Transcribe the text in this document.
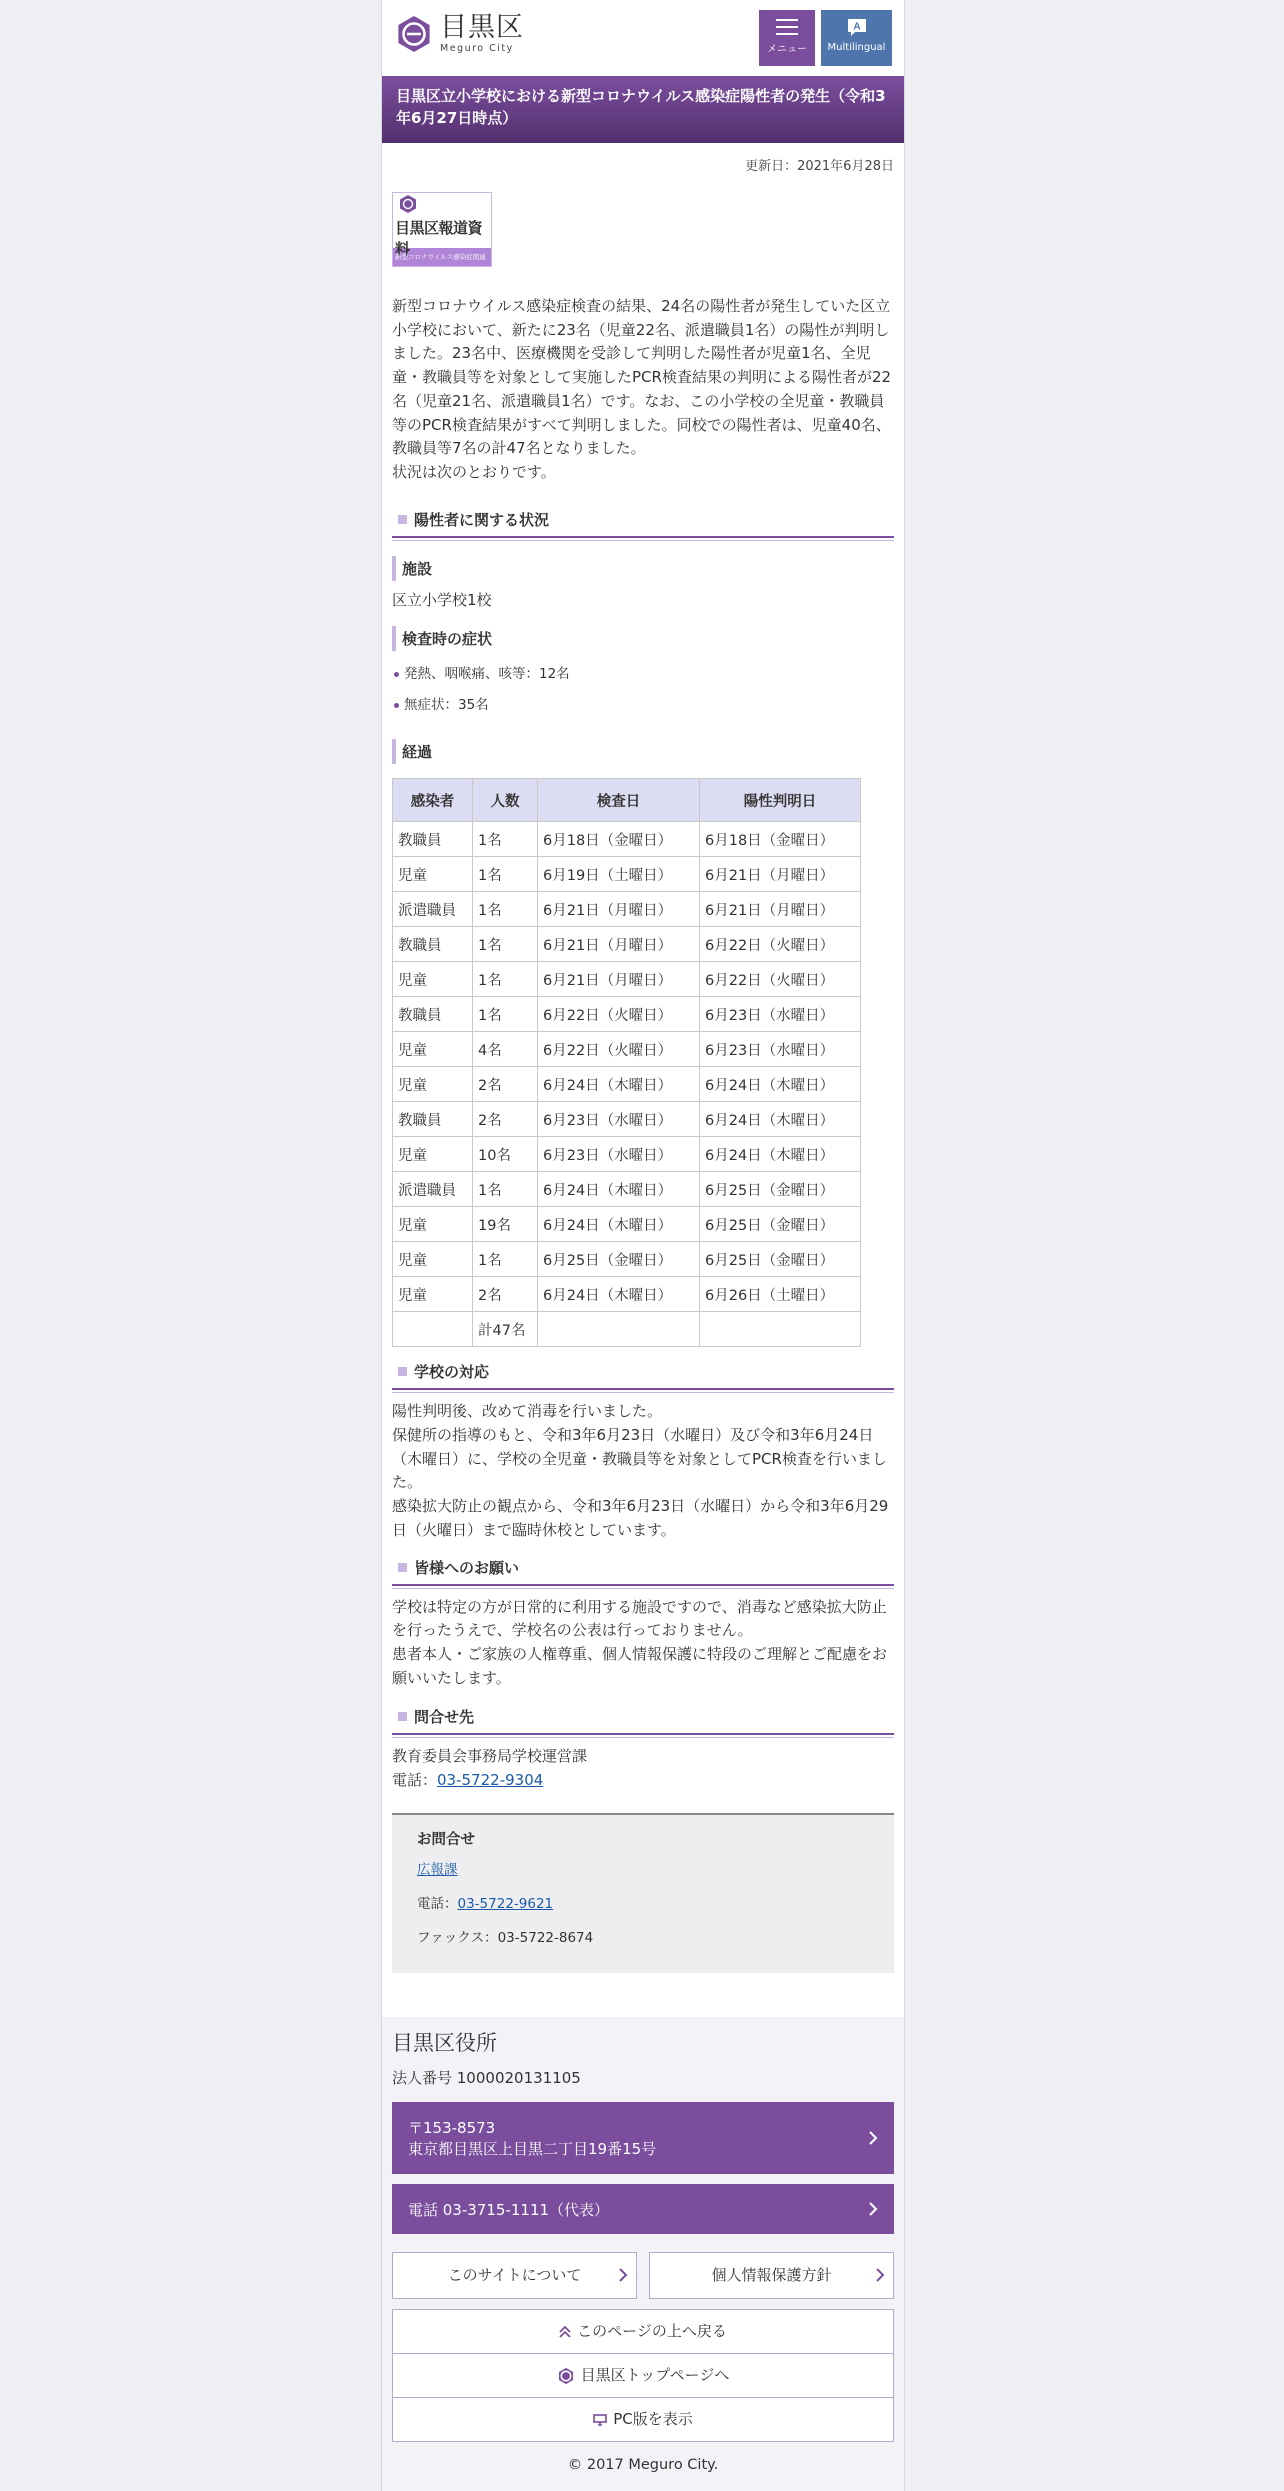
目黒区
Meguro City	メニュー
A
Multilingual
目黒区立小学校における新型コロナウイルス感染症陽性者の発生（令和3年6月27日時点）
更新日：2021年6月28日
目黒区報道資料
新型コロナウイルス感染症関連
新型コロナウイルス感染症検査の結果、24名の陽性者が発生していた区立小学校において、新たに23名（児童22名、派遣職員1名）の陽性が判明しました。23名中、医療機関を受診して判明した陽性者が児童1名、全児童・教職員等を対象として実施したPCR検査結果の判明による陽性者が22名（児童21名、派遣職員1名）です。なお、この小学校の全児童・教職員等のPCR検査結果がすべて判明しました。同校での陽性者は、児童40名、教職員等7名の計47名となりました。
状況は次のとおりです。
陽性者に関する状況
施設
区立小学校1校
検査時の症状
発熱、咽喉痛、咳等：12名
無症状：35名
経過
感染者	人数	検査日	陽性判明日
教職員	1名	6月18日（金曜日）	6月18日（金曜日）
児童	1名	6月19日（土曜日）	6月21日（月曜日）
派遣職員	1名	6月21日（月曜日）	6月21日（月曜日）
教職員	1名	6月21日（月曜日）	6月22日（火曜日）
児童	1名	6月21日（月曜日）	6月22日（火曜日）
教職員	1名	6月22日（火曜日）	6月23日（水曜日）
児童	4名	6月22日（火曜日）	6月23日（水曜日）
児童	2名	6月24日（木曜日）	6月24日（木曜日）
教職員	2名	6月23日（水曜日）	6月24日（木曜日）
児童	10名	6月23日（水曜日）	6月24日（木曜日）
派遣職員	1名	6月24日（木曜日）	6月25日（金曜日）
児童	19名	6月24日（木曜日）	6月25日（金曜日）
児童	1名	6月25日（金曜日）	6月25日（金曜日）
児童	2名	6月24日（木曜日）	6月26日（土曜日）
	計47名		
学校の対応
陽性判明後、改めて消毒を行いました。
保健所の指導のもと、令和3年6月23日（水曜日）及び令和3年6月24日（木曜日）に、学校の全児童・教職員等を対象としてPCR検査を行いました。
感染拡大防止の観点から、令和3年6月23日（水曜日）から令和3年6月29日（火曜日）まで臨時休校としています。
皆様へのお願い
学校は特定の方が日常的に利用する施設ですので、消毒など感染拡大防止を行ったうえで、学校名の公表は行っておりません。
患者本人・ご家族の人権尊重、個人情報保護に特段のご理解とご配慮をお願いいたします。
問合せ先
教育委員会事務局学校運営課
電話：03-5722-9304
お問合せ
広報課
電話：03-5722-9621
ファックス：03-5722-8674
目黒区役所
法人番号 1000020131105
〒153-8573
東京都目黒区上目黒二丁目19番15号
電話 03-3715-1111（代表）
このサイトについて	個人情報保護方針
このページの上へ戻る
目黒区トップページへ
PC版を表示
© 2017 Meguro City.
